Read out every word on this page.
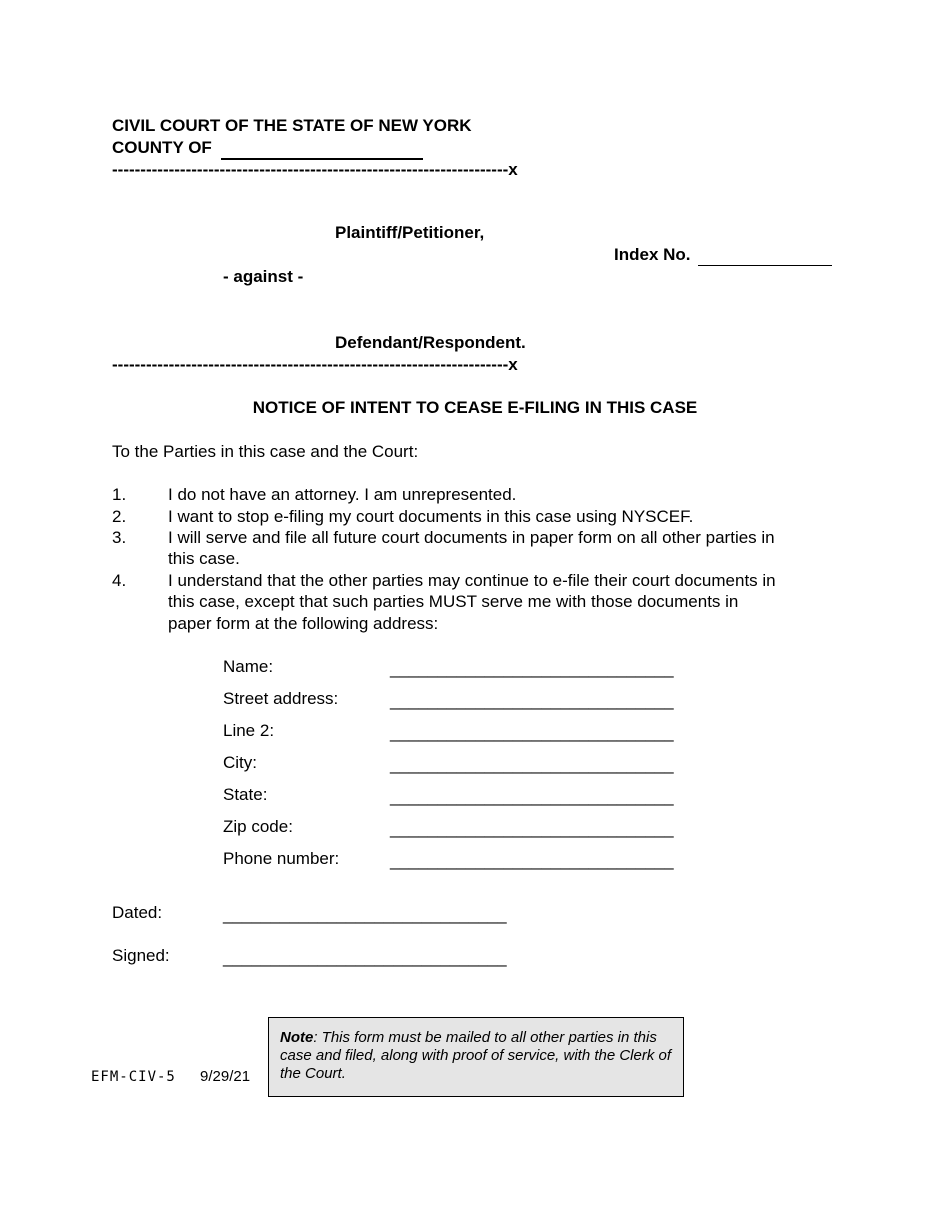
CIVIL COURT OF THE STATE OF NEW YORK
COUNTY OF
----------------------------------------------------------------------x
Plaintiff/Petitioner,
Index No.
- against -
Defendant/Respondent.
----------------------------------------------------------------------x
NOTICE OF INTENT TO CEASE E-FILING IN THIS CASE
To the Parties in this case and the Court:
1. I do not have an attorney. I am unrepresented.
2. I want to stop e-filing my court documents in this case using NYSCEF.
3. I will serve and file all future court documents in paper form on all other parties in
this case.
4. I understand that the other parties may continue to e-file their court documents in
this case, except that such parties MUST serve me with those documents in
paper form at the following address:
Name:	______________________________
Street address:	______________________________
Line 2:	______________________________
City:	______________________________
State:	______________________________
Zip code:	______________________________
Phone number:	______________________________
Dated:	______________________________
Signed:	______________________________
EFM-CIV-5 9/29/21
Note: This form must be mailed to all other parties in this case and filed, along with proof of service, with the Clerk of the Court.
